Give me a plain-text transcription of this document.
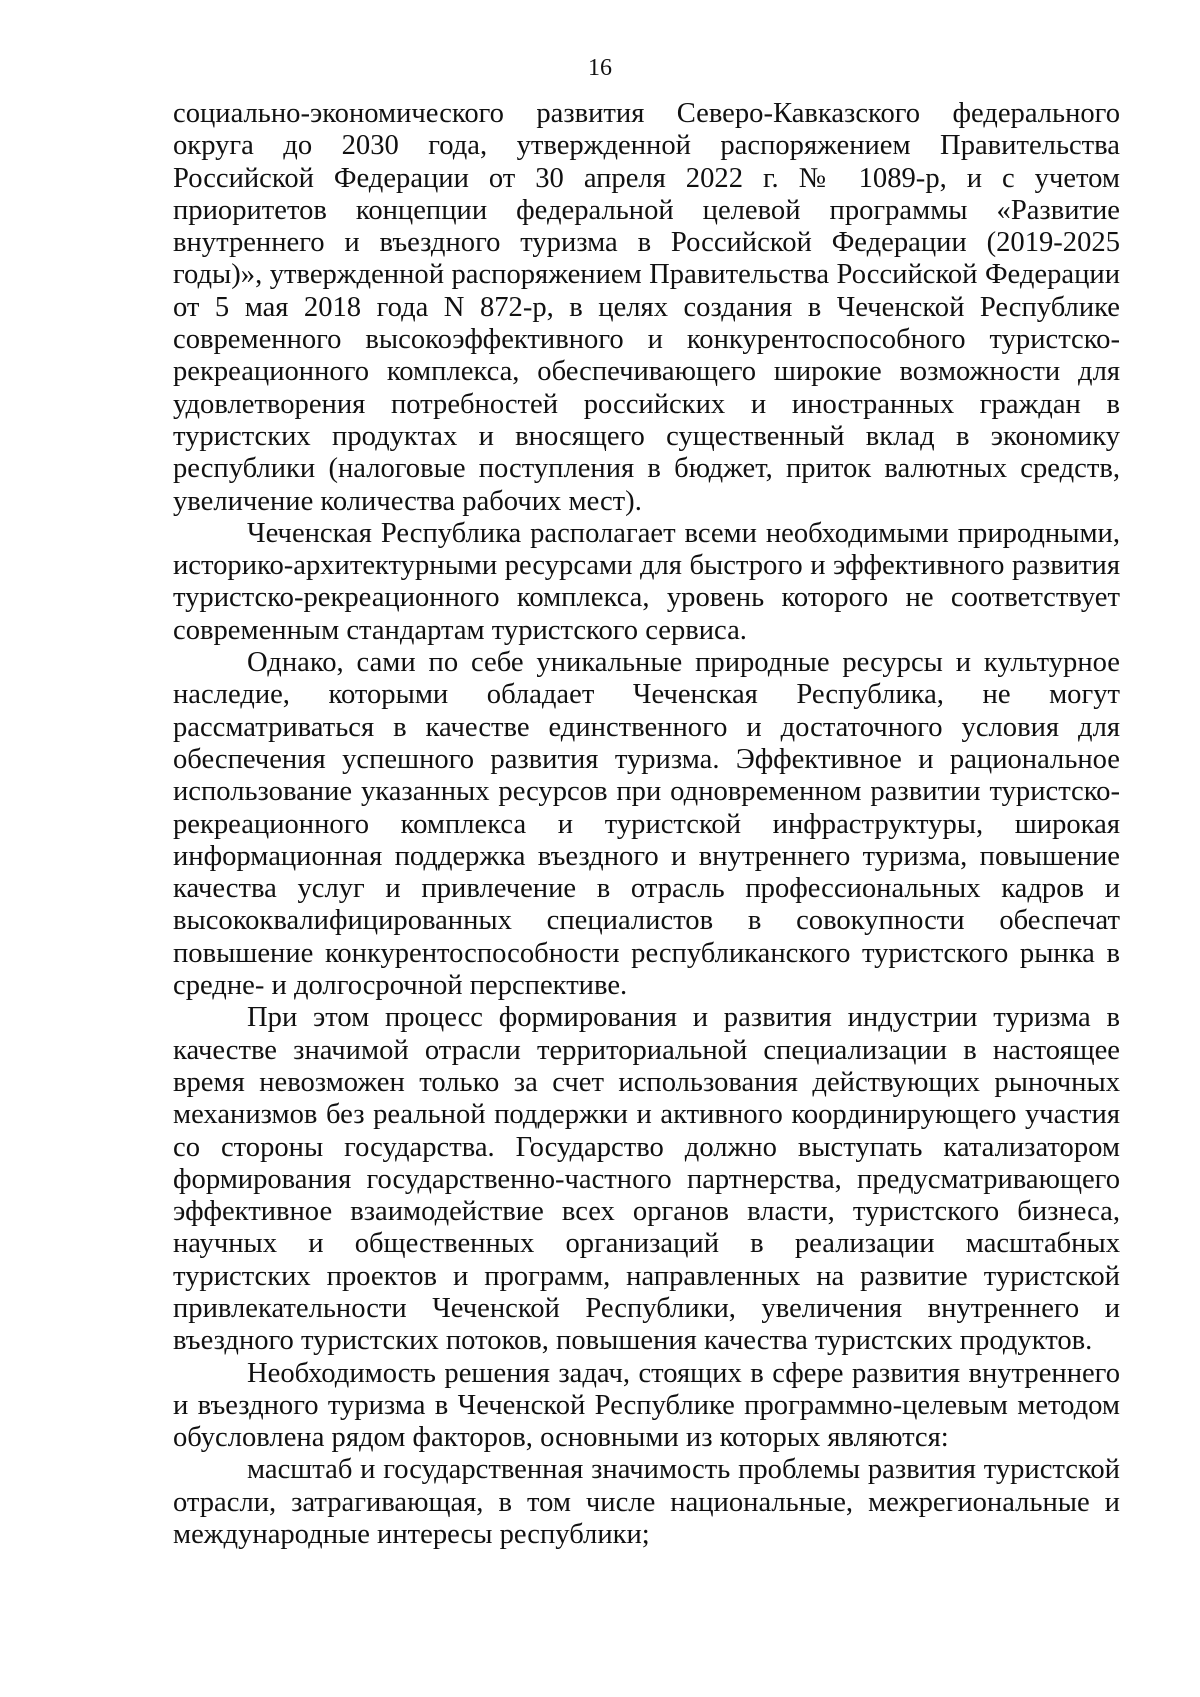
16

социально-экономического развития Северо-Кавказского федерального округа до 2030 года, утвержденной распоряжением Правительства Российской Федерации от 30 апреля 2022 г. № 1089-р, и с учетом приоритетов концепции федеральной целевой программы «Развитие внутреннего и въездного туризма в Российской Федерации (2019-2025 годы)», утвержденной распоряжением Правительства Российской Федерации от 5 мая 2018 года N 872-р, в целях создания в Чеченской Республике современного высокоэффективного и конкурентоспособного туристско-рекреационного комплекса, обеспечивающего широкие возможности для удовлетворения потребностей российских и иностранных граждан в туристских продуктах и вносящего существенный вклад в экономику республики (налоговые поступления в бюджет, приток валютных средств, увеличение количества рабочих мест).

Чеченская Республика располагает всеми необходимыми природными, историко-архитектурными ресурсами для быстрого и эффективного развития туристско-рекреационного комплекса, уровень которого не соответствует современным стандартам туристского сервиса.

Однако, сами по себе уникальные природные ресурсы и культурное наследие, которыми обладает Чеченская Республика, не могут рассматриваться в качестве единственного и достаточного условия для обеспечения успешного развития туризма. Эффективное и рациональное использование указанных ресурсов при одновременном развитии туристско-рекреационного комплекса и туристской инфраструктуры, широкая информационная поддержка въездного и внутреннего туризма, повышение качества услуг и привлечение в отрасль профессиональных кадров и высококвалифицированных специалистов в совокупности обеспечат повышение конкурентоспособности республиканского туристского рынка в средне- и долгосрочной перспективе.

При этом процесс формирования и развития индустрии туризма в качестве значимой отрасли территориальной специализации в настоящее время невозможен только за счет использования действующих рыночных механизмов без реальной поддержки и активного координирующего участия со стороны государства. Государство должно выступать катализатором формирования государственно-частного партнерства, предусматривающего эффективное взаимодействие всех органов власти, туристского бизнеса, научных и общественных организаций в реализации масштабных туристских проектов и программ, направленных на развитие туристской привлекательности Чеченской Республики, увеличения внутреннего и въездного туристских потоков, повышения качества туристских продуктов.

Необходимость решения задач, стоящих в сфере развития внутреннего и въездного туризма в Чеченской Республике программно-целевым методом обусловлена рядом факторов, основными из которых являются:

масштаб и государственная значимость проблемы развития туристской отрасли, затрагивающая, в том числе национальные, межрегиональные и международные интересы республики;
